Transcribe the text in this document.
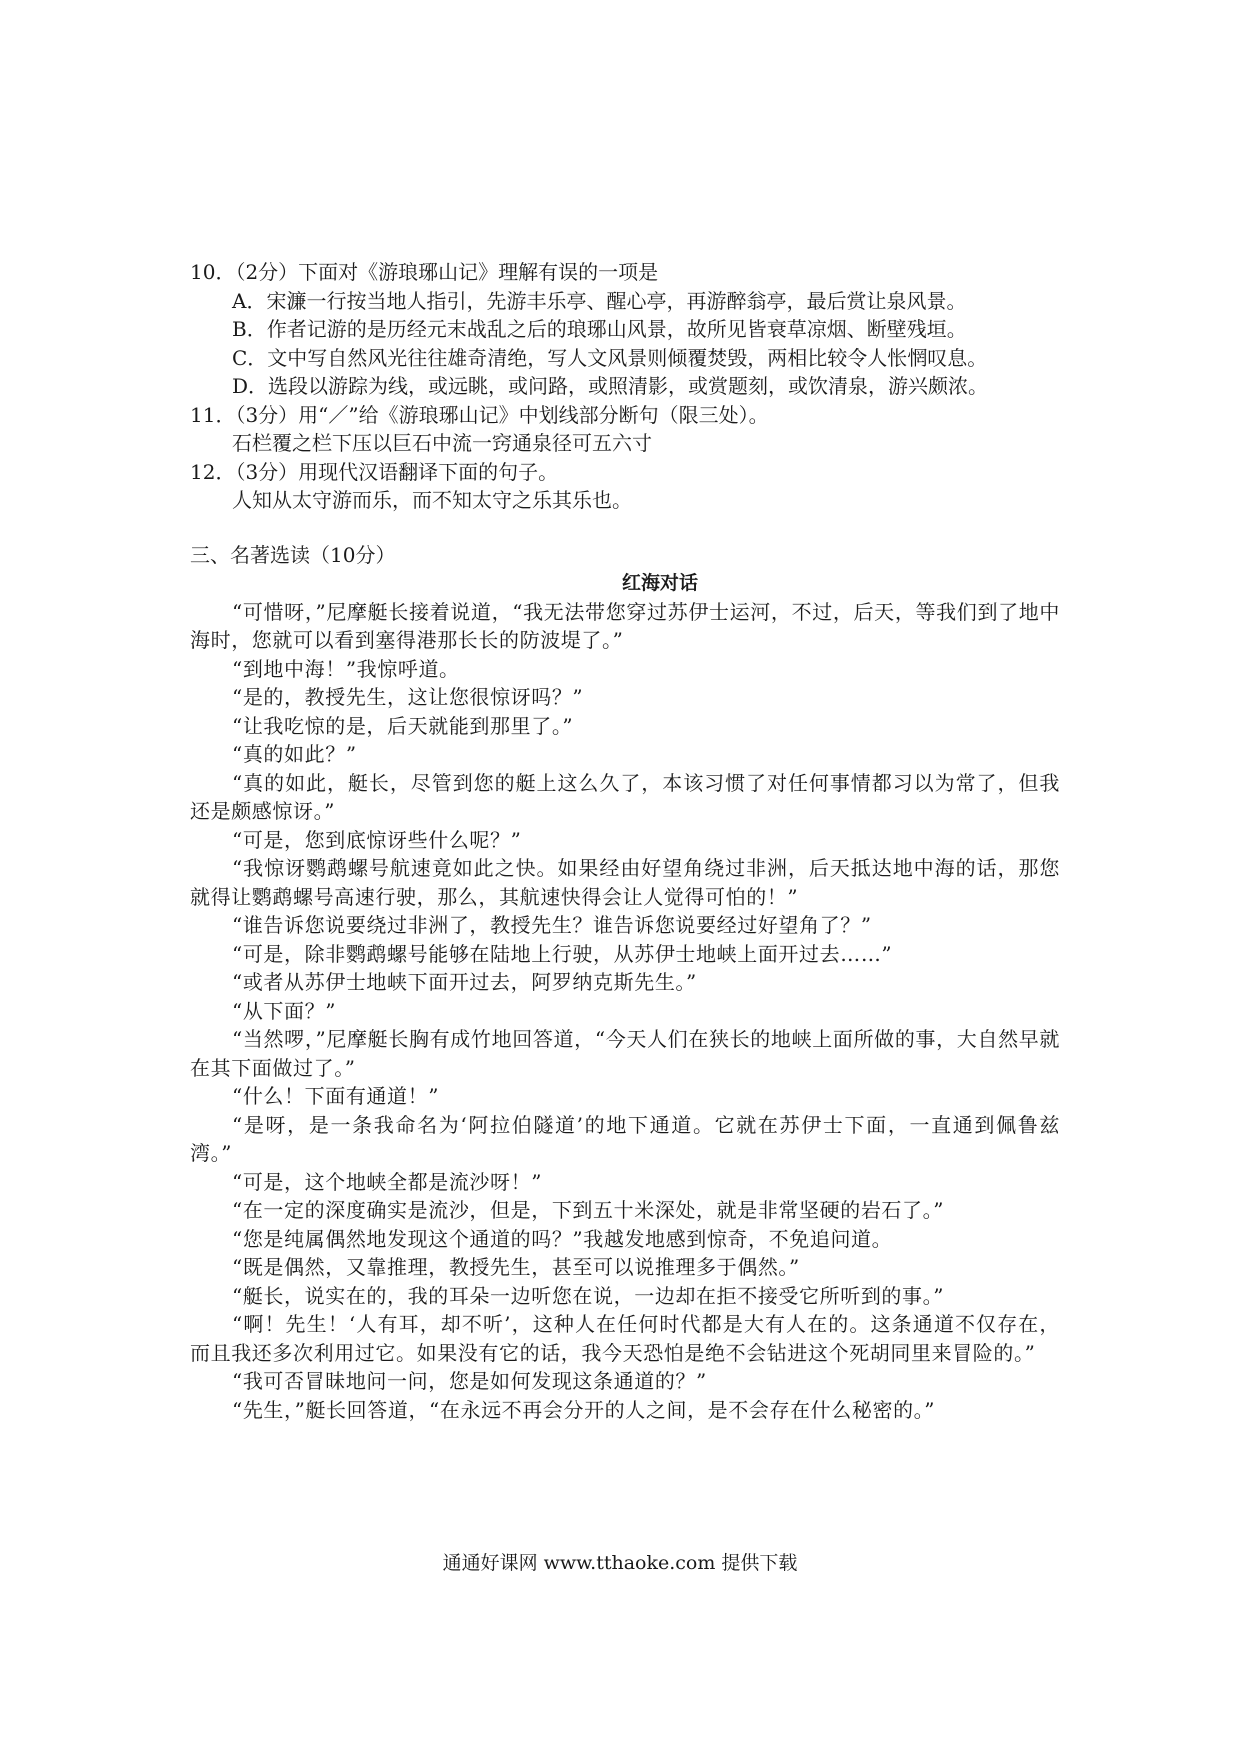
10．（2分）下面对《游琅琊山记》理解有误的一项是
A．宋濂一行按当地人指引，先游丰乐亭、醒心亭，再游醉翁亭，最后赏让泉风景。
B．作者记游的是历经元末战乱之后的琅琊山风景，故所见皆衰草凉烟、断壁残垣。
C．文中写自然风光往往雄奇清绝，写人文风景则倾覆焚毁，两相比较令人怅惘叹息。
D．选段以游踪为线，或远眺，或问路，或照清影，或赏题刻，或饮清泉，游兴颇浓。
11．（3分）用“／”给《游琅琊山记》中划线部分断句（限三处）。
石栏覆之栏下压以巨石中流一窍通泉径可五六寸
12．（3分）用现代汉语翻译下面的句子。
人知从太守游而乐，而不知太守之乐其乐也。
三、名著选读（10分）
红海对话
“可惜呀，”尼摩艇长接着说道，“我无法带您穿过苏伊士运河，不过，后天，等我们到了地中海时，您就可以看到塞得港那长长的防波堤了。”
“到地中海！”我惊呼道。
“是的，教授先生，这让您很惊讶吗？”
“让我吃惊的是，后天就能到那里了。”
“真的如此？”
“真的如此，艇长，尽管到您的艇上这么久了，本该习惯了对任何事情都习以为常了，但我还是颇感惊讶。”
“可是，您到底惊讶些什么呢？”
“我惊讶鹦鹉螺号航速竟如此之快。如果经由好望角绕过非洲，后天抵达地中海的话，那您就得让鹦鹉螺号高速行驶，那么，其航速快得会让人觉得可怕的！”
“谁告诉您说要绕过非洲了，教授先生？谁告诉您说要经过好望角了？”
“可是，除非鹦鹉螺号能够在陆地上行驶，从苏伊士地峡上面开过去……”
“或者从苏伊士地峡下面开过去，阿罗纳克斯先生。”
“从下面？”
“当然啰，”尼摩艇长胸有成竹地回答道，“今天人们在狭长的地峡上面所做的事，大自然早就在其下面做过了。”
“什么！下面有通道！”
“是呀，是一条我命名为‘阿拉伯隧道’的地下通道。它就在苏伊士下面，一直通到佩鲁兹湾。”
“可是，这个地峡全都是流沙呀！”
“在一定的深度确实是流沙，但是，下到五十米深处，就是非常坚硬的岩石了。”
“您是纯属偶然地发现这个通道的吗？”我越发地感到惊奇，不免追问道。
“既是偶然，又靠推理，教授先生，甚至可以说推理多于偶然。”
“艇长，说实在的，我的耳朵一边听您在说，一边却在拒不接受它所听到的事。”
“啊！先生！‘人有耳，却不听’，这种人在任何时代都是大有人在的。这条通道不仅存在，而且我还多次利用过它。如果没有它的话，我今天恐怕是绝不会钻进这个死胡同里来冒险的。”
“我可否冒昧地问一问，您是如何发现这条通道的？”
“先生，”艇长回答道，“在永远不再会分开的人之间，是不会存在什么秘密的。”
通通好课网 www.tthaoke.com 提供下载
